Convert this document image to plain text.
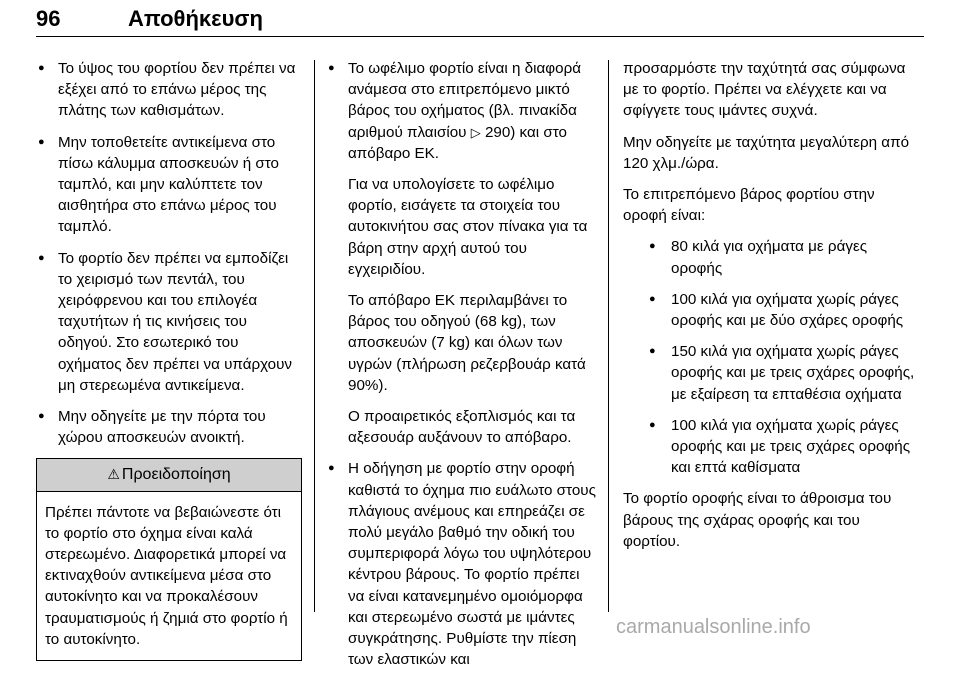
96	Αποθήκευση
● Το ύψος του φορτίου δεν πρέπει να εξέχει από το επάνω μέρος της πλάτης των καθισμάτων.
● Μην τοποθετείτε αντικείμενα στο πίσω κάλυμμα αποσκευών ή στο ταμπλό, και μην καλύπτετε τον αισθητήρα στο επάνω μέρος του ταμπλό.
● Το φορτίο δεν πρέπει να εμποδίζει το χειρισμό των πεντάλ, του χειρόφρενου και του επιλογέα ταχυτήτων ή τις κινήσεις του οδηγού. Στο εσωτερικό του οχήματος δεν πρέπει να υπάρχουν μη στερεωμένα αντικείμενα.
● Μην οδηγείτε με την πόρτα του χώρου αποσκευών ανοικτή.
⚠ Προειδοποίηση
Πρέπει πάντοτε να βεβαιώνεστε ότι το φορτίο στο όχημα είναι καλά στερεωμένο. Διαφορετικά μπορεί να εκτιναχθούν αντικείμενα μέσα στο αυτοκίνητο και να προκαλέσουν τραυματισμούς ή ζημιά στο φορτίο ή το αυτοκίνητο.
● Το ωφέλιμο φορτίο είναι η διαφορά ανάμεσα στο επιτρεπόμενο μικτό βάρος του οχήματος (βλ. πινακίδα αριθμού πλαισίου ▷ 290) και στο απόβαρο ΕΚ.

Για να υπολογίσετε το ωφέλιμο φορτίο, εισάγετε τα στοιχεία του αυτοκινήτου σας στον πίνακα για τα βάρη στην αρχή αυτού του εγχειριδίου.

Το απόβαρο ΕΚ περιλαμβάνει το βάρος του οδηγού (68 kg), των αποσκευών (7 kg) και όλων των υγρών (πλήρωση ρεζερβουάρ κατά 90%).

Ο προαιρετικός εξοπλισμός και τα αξεσουάρ αυξάνουν το απόβαρο.

● Η οδήγηση με φορτίο στην οροφή καθιστά το όχημα πιο ευάλωτο στους πλάγιους ανέμους και επηρεάζει σε πολύ μεγάλο βαθμό την οδική του συμπεριφορά λόγω του υψηλότερου κέντρου βάρους. Το φορτίο πρέπει να είναι κατανεμημένο ομοιόμορφα και στερεωμένο σωστά με ιμάντες συγκράτησης. Ρυθμίστε την πίεση των ελαστικών και

προσαρμόστε την ταχύτητά σας σύμφωνα με το φορτίο. Πρέπει να ελέγχετε και να σφίγγετε τους ιμάντες συχνά.

Μην οδηγείτε με ταχύτητα μεγαλύτερη από 120 χλμ./ώρα.

Το επιτρεπόμενο βάρος φορτίου στην οροφή είναι:

● 80 κιλά για οχήματα με ράγες οροφής
● 100 κιλά για οχήματα χωρίς ράγες οροφής και με δύο σχάρες οροφής
● 150 κιλά για οχήματα χωρίς ράγες οροφής και με τρεις σχάρες οροφής, με εξαίρεση τα επταθέσια οχήματα
● 100 κιλά για οχήματα χωρίς ράγες οροφής και με τρεις σχάρες οροφής και επτά καθίσματα

Το φορτίο οροφής είναι το άθροισμα του βάρους της σχάρας οροφής και του φορτίου.

carmanualsonline.info
